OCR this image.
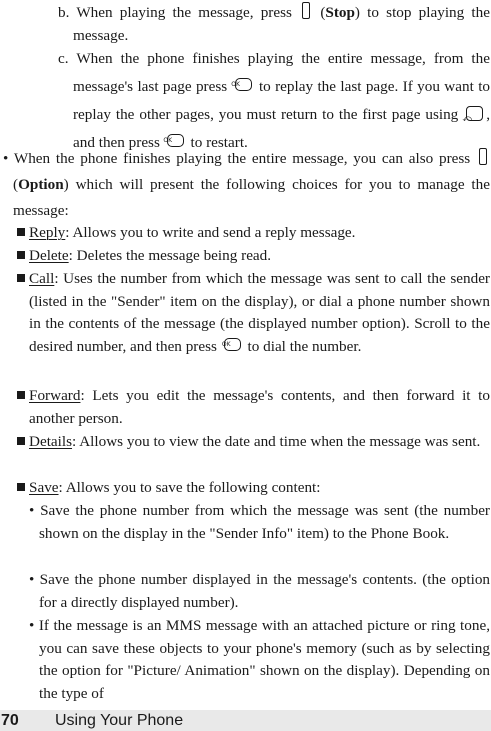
b. When playing the message, press  (Stop) to stop playing the message.
c. When the phone finishes playing the entire message, from the message's last page press OK to replay the last page. If you want to replay the other pages, you must return to the first page using ⤺ , and then press OK to restart.
• When the phone finishes playing the entire message, you can also press  (Option) which will present the following choices for you to manage the message:
Reply: Allows you to write and send a reply message.
Delete: Deletes the message being read.
Call: Uses the number from which the message was sent to call the sender (listed in the "Sender" item on the display), or dial a phone number shown in the contents of the message (the displayed number option). Scroll to the desired number, and then press OK to dial the number.
Forward: Lets you edit the message's contents, and then forward it to another person.
Details: Allows you to view the date and time when the message was sent.
Save: Allows you to save the following content:
• Save the phone number from which the message was sent (the number shown on the display in the "Sender Info" item) to the Phone Book.
• Save the phone number displayed in the message's contents. (the option for a directly displayed number).
• If the message is an MMS message with an attached picture or ring tone, you can save these objects to your phone's memory (such as by selecting the option for "Picture/ Animation" shown on the display). Depending on the type of
70 Using Your Phone
